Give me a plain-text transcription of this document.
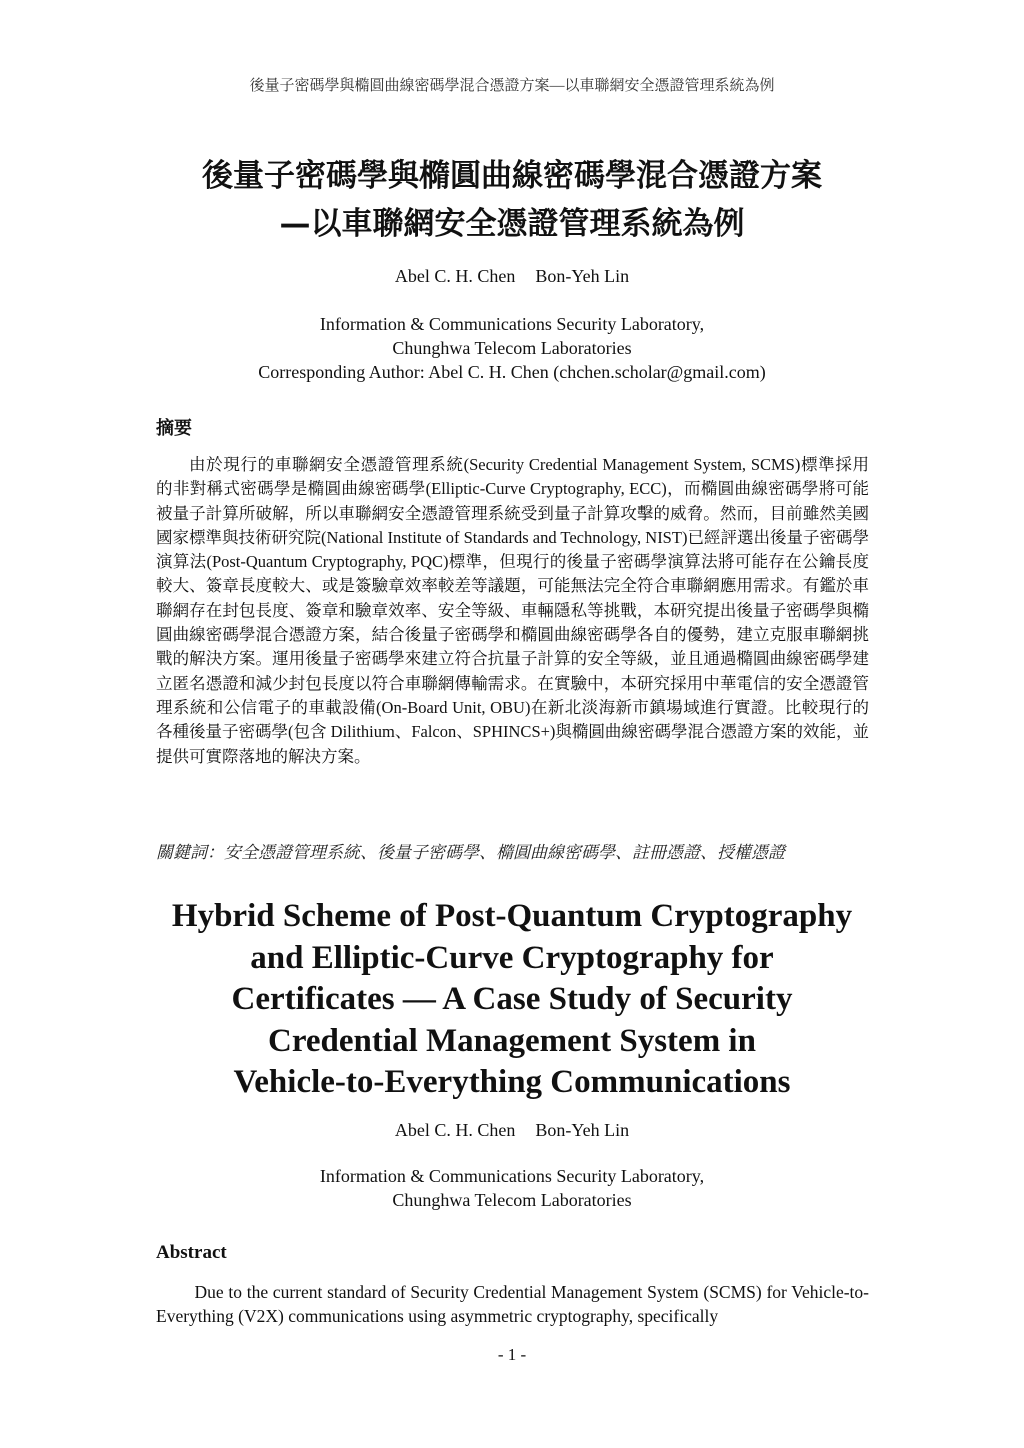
後量子密碼學與橢圓曲線密碼學混合憑證方案—以車聯網安全憑證管理系統為例
後量子密碼學與橢圓曲線密碼學混合憑證方案
—以車聯網安全憑證管理系統為例
Abel C. H. Chen Bon-Yeh Lin
Information & Communications Security Laboratory,
Chunghwa Telecom Laboratories
Corresponding Author: Abel C. H. Chen (chchen.scholar@gmail.com)
摘要

由於現行的車聯網安全憑證管理系統(Security Credential Management System, SCMS)標準採用的非對稱式密碼學是橢圓曲線密碼學(Elliptic-Curve Cryptography, ECC)，而橢圓曲線密碼學將可能被量子計算所破解，所以車聯網安全憑證管理系統受到量子計算攻擊的威脅。然而，目前雖然美國國家標準與技術研究院(National Institute of Standards and Technology, NIST)已經評選出後量子密碼學演算法(Post-Quantum Cryptography, PQC)標準，但現行的後量子密碼學演算法將可能存在公鑰長度較大、簽章長度較大、或是簽驗章效率較差等議題，可能無法完全符合車聯網應用需求。有鑑於車聯網存在封包長度、簽章和驗章效率、安全等級、車輛隱私等挑戰，本研究提出後量子密碼學與橢圓曲線密碼學混合憑證方案，結合後量子密碼學和橢圓曲線密碼學各自的優勢，建立克服車聯網挑戰的解決方案。運用後量子密碼學來建立符合抗量子計算的安全等級，並且通過橢圓曲線密碼學建立匿名憑證和減少封包長度以符合車聯網傳輸需求。在實驗中，本研究採用中華電信的安全憑證管理系統和公信電子的車載設備(On-Board Unit, OBU)在新北淡海新市鎮場域進行實證。比較現行的各種後量子密碼學(包含 Dilithium、Falcon、SPHINCS+)與橢圓曲線密碼學混合憑證方案的效能，並提供可實際落地的解決方案。

關鍵詞：安全憑證管理系統、後量子密碼學、橢圓曲線密碼學、註冊憑證、授權憑證
Hybrid Scheme of Post-Quantum Cryptography
and Elliptic-Curve Cryptography for
Certificates — A Case Study of Security
Credential Management System in
Vehicle-to-Everything Communications
Abel C. H. Chen Bon-Yeh Lin
Information & Communications Security Laboratory,
Chunghwa Telecom Laboratories
Abstract

Due to the current standard of Security Credential Management System (SCMS) for Vehicle-to-Everything (V2X) communications using asymmetric cryptography, specifically

- 1 -
